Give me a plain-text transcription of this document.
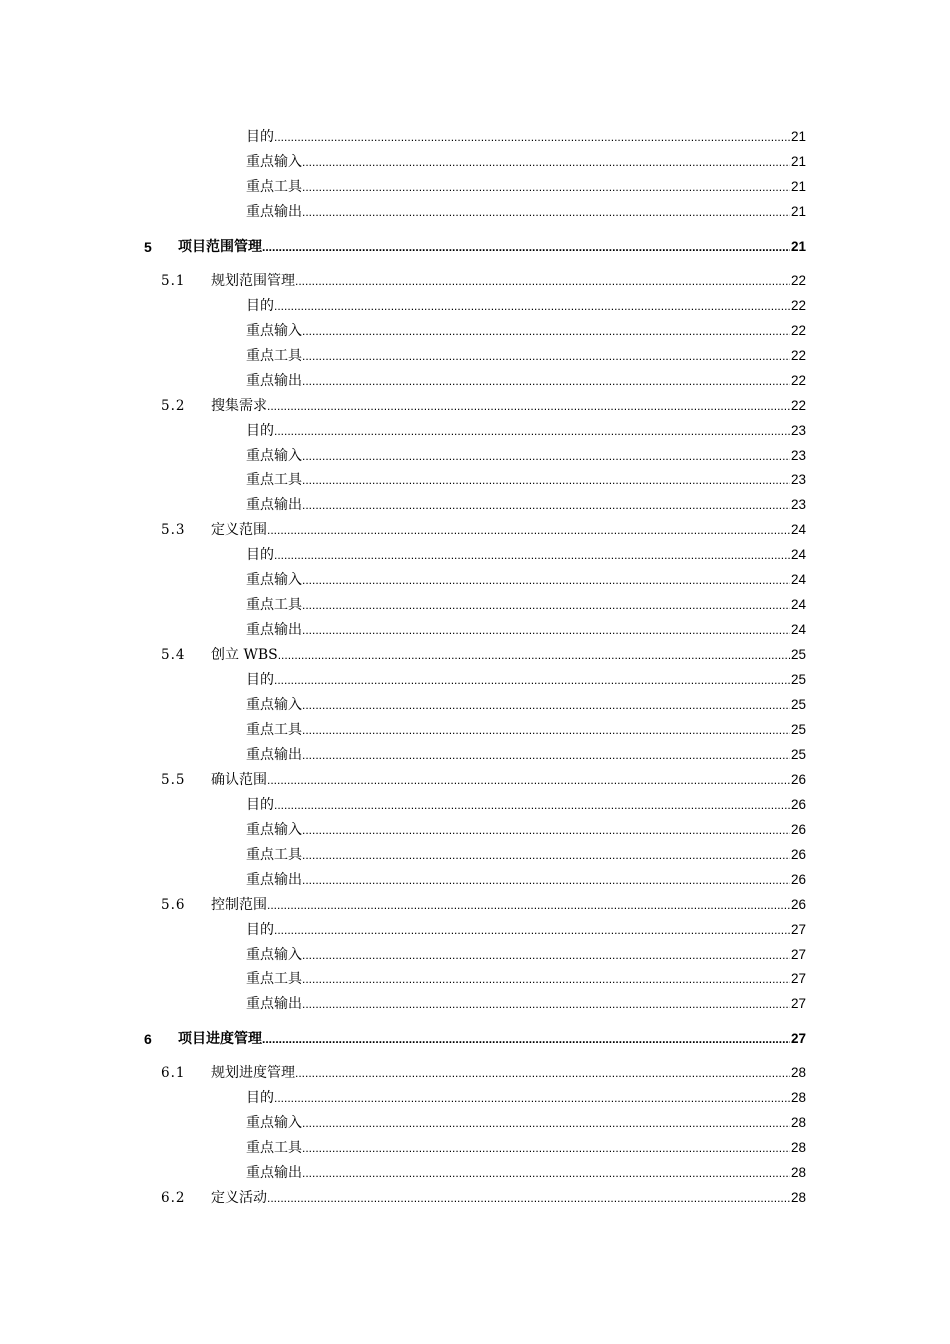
目的 .....	21
重点输入 .....	21
重点工具 .....	21
重点输出 .....	21
5 项目范围管理 .....	21
5.1 规划范围管理 .....	22
目的 .....	22
重点输入 .....	22
重点工具 .....	22
重点输出 .....	22
5.2 搜集需求 .....	22
目的 .....	23
重点输入 .....	23
重点工具 .....	23
重点输出 .....	23
5.3 定义范围 .....	24
目的 .....	24
重点输入 .....	24
重点工具 .....	24
重点输出 .....	24
5.4 创立 WBS .....	25
目的 .....	25
重点输入 .....	25
重点工具 .....	25
重点输出 .....	25
5.5 确认范围 .....	26
目的 .....	26
重点输入 .....	26
重点工具 .....	26
重点输出 .....	26
5.6 控制范围 .....	26
目的 .....	27
重点输入 .....	27
重点工具 .....	27
重点输出 .....	27
6 项目进度管理 .....	27
6.1 规划进度管理 .....	28
目的 .....	28
重点输入 .....	28
重点工具 .....	28
重点输出 .....	28
6.2 定义活动 .....	28
